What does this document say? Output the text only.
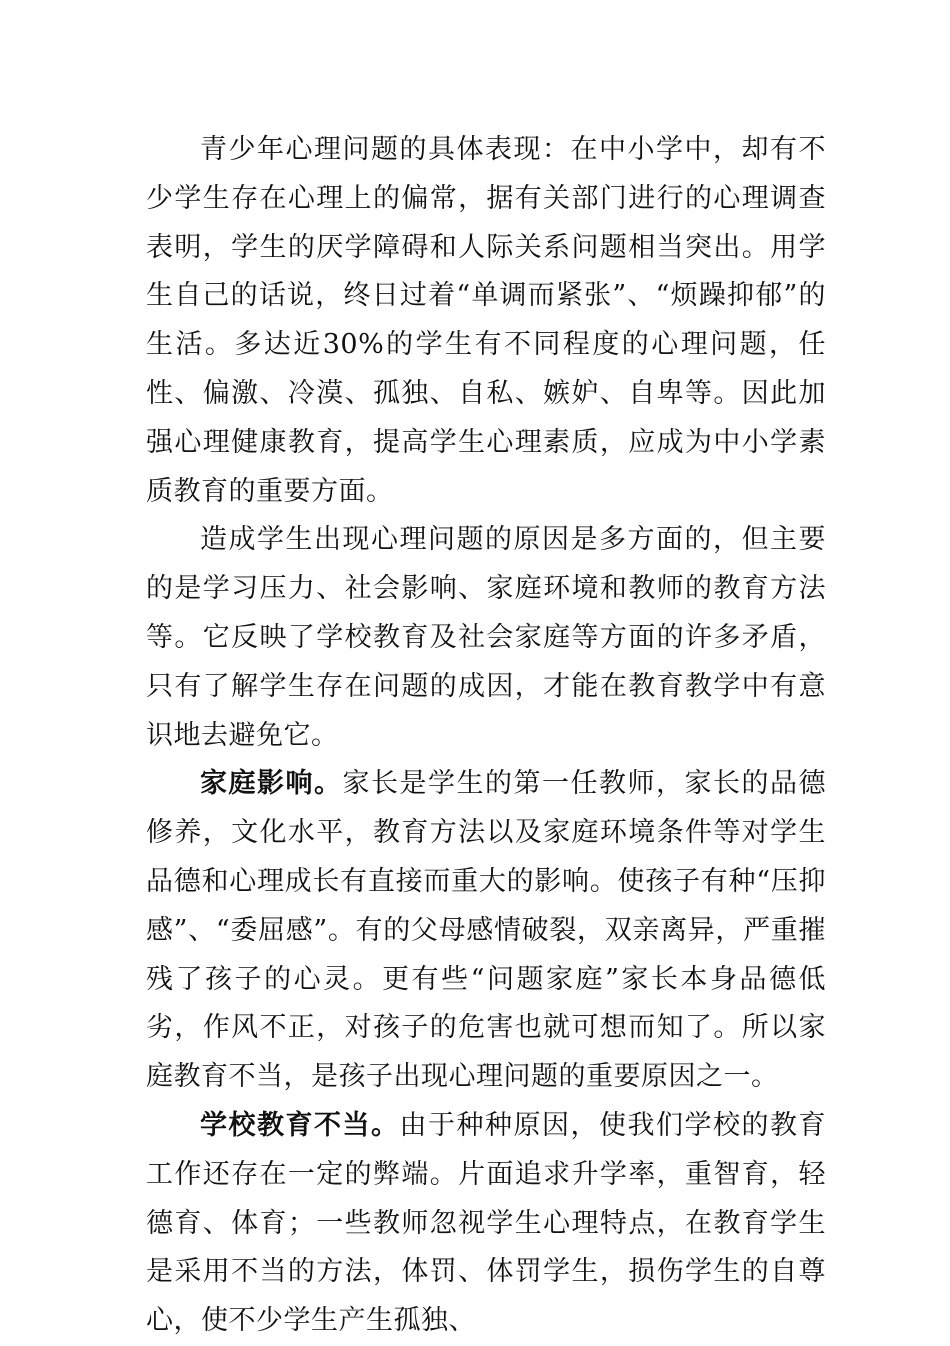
青少年心理问题的具体表现：在中小学中，却有不少学生存在心理上的偏常，据有关部门进行的心理调查表明，学生的厌学障碍和人际关系问题相当突出。用学生自己的话说，终日过着“单调而紧张”、“烦躁抑郁”的生活。多达近30%的学生有不同程度的心理问题，任性、偏激、冷漠、孤独、自私、嫉妒、自卑等。因此加强心理健康教育，提高学生心理素质，应成为中小学素质教育的重要方面。

造成学生出现心理问题的原因是多方面的，但主要的是学习压力、社会影响、家庭环境和教师的教育方法等。它反映了学校教育及社会家庭等方面的许多矛盾，只有了解学生存在问题的成因，才能在教育教学中有意识地去避免它。

家庭影响。家长是学生的第一任教师，家长的品德修养，文化水平，教育方法以及家庭环境条件等对学生品德和心理成长有直接而重大的影响。使孩子有种“压抑感”、“委屈感”。有的父母感情破裂，双亲离异，严重摧残了孩子的心灵。更有些“问题家庭”家长本身品德低劣，作风不正，对孩子的危害也就可想而知了。所以家庭教育不当，是孩子出现心理问题的重要原因之一。

学校教育不当。由于种种原因，使我们学校的教育工作还存在一定的弊端。片面追求升学率，重智育，轻德育、体育；一些教师忽视学生心理特点，在教育学生是采用不当的方法，体罚、体罚学生，损伤学生的自尊心，使不少学生产生孤独、
